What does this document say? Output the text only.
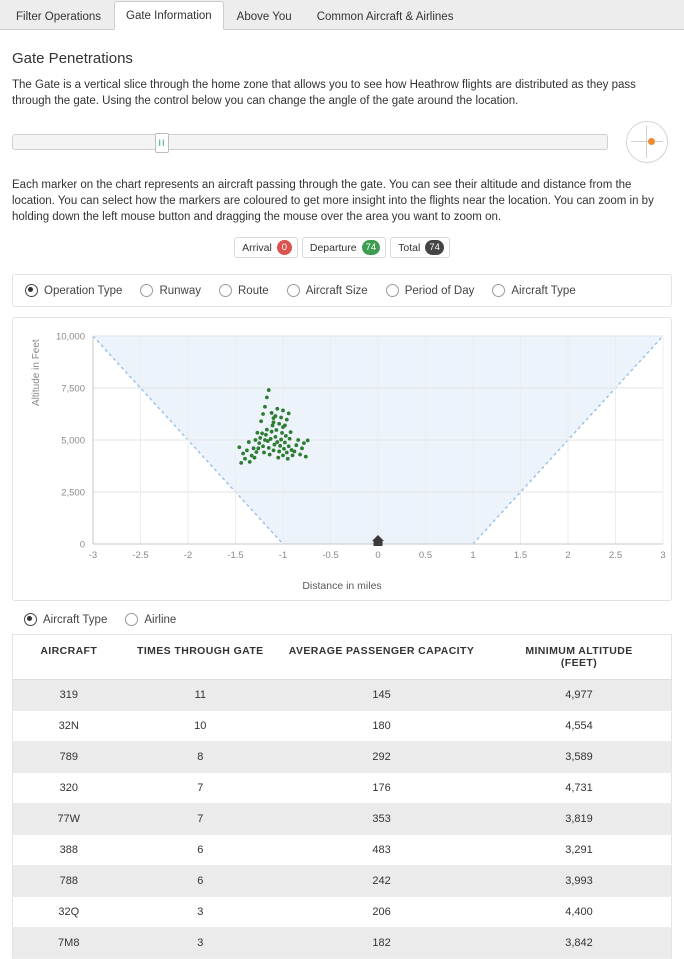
Filter Operations	Gate Information	Above You	Common Aircraft & Airlines
Gate Penetrations

The Gate is a vertical slice through the home zone that allows you to see how Heathrow flights are distributed as they pass through the gate. Using the control below you can change the angle of the gate around the location.

II

Each marker on the chart represents an aircraft passing through the gate. You can see their altitude and distance from the location. You can select how the markers are coloured to get more insight into the flights near the location. You can zoom in by holding down the left mouse button and dragging the mouse over the area you want to zoom on.

Arrival	0	Departure 74	Total 74
Operation Type	Runway	Route	Aircraft Size	Period of Day	Aircraft Type
Altitude in Feet
0
2,500
5,000
7,500
10,000
-3	-2.5	-2	-1.5	-1	-0.5	0	0.5	1	1.5	2	2.5	3
Distance in miles
Aircraft Type	Airline
AIRCRAFT	TIMES THROUGH GATE	AVERAGE PASSENGER CAPACITY	MINIMUM ALTITUDE
(FEET)
319	11	145	4,977
32N	10	180	4,554
789	8	292	3,589
320	7	176	4,731
77W	7	353	3,819
388	6	483	3,291
788	6	242	3,993
32Q	3	206	4,400
7M8	3	182	3,842
